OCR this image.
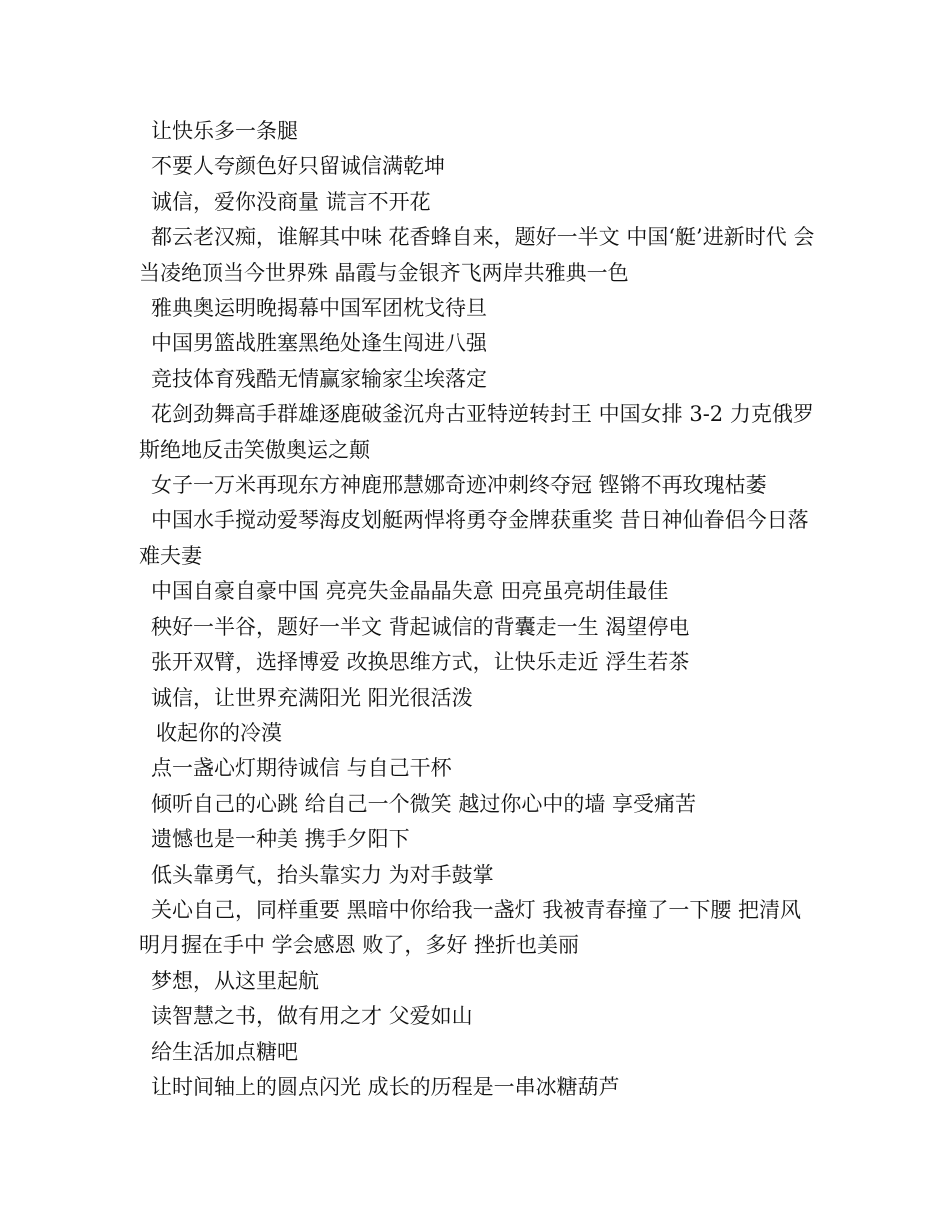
让快乐多一条腿

不要人夸颜色好只留诚信满乾坤

诚信，爱你没商量 谎言不开花

都云老汉痴，谁解其中味 花香蜂自来，题好一半文 中国‘艇’进新时代 会当凌绝顶当今世界殊 晶霞与金银齐飞两岸共雅典一色

雅典奥运明晚揭幕中国军团枕戈待旦

中国男篮战胜塞黑绝处逢生闯进八强

竞技体育残酷无情赢家输家尘埃落定

花剑劲舞高手群雄逐鹿破釜沉舟古亚特逆转封王 中国女排 3-2 力克俄罗斯绝地反击笑傲奥运之颠

女子一万米再现东方神鹿邢慧娜奇迹冲刺终夺冠 铿锵不再玫瑰枯萎

中国水手搅动爱琴海皮划艇两悍将勇夺金牌获重奖 昔日神仙眷侣今日落难夫妻

中国自豪自豪中国 亮亮失金晶晶失意 田亮虽亮胡佳最佳

秧好一半谷，题好一半文 背起诚信的背囊走一生 渴望停电

张开双臂，选择博爱 改换思维方式，让快乐走近 浮生若茶

诚信，让世界充满阳光 阳光很活泼

收起你的冷漠

点一盏心灯期待诚信 与自己干杯

倾听自己的心跳 给自己一个微笑 越过你心中的墙 享受痛苦

遗憾也是一种美 携手夕阳下

低头靠勇气，抬头靠实力 为对手鼓掌

关心自己，同样重要 黑暗中你给我一盏灯 我被青春撞了一下腰 把清风明月握在手中 学会感恩 败了，多好 挫折也美丽

梦想，从这里起航

读智慧之书，做有用之才 父爱如山

给生活加点糖吧

让时间轴上的圆点闪光 成长的历程是一串冰糖葫芦
